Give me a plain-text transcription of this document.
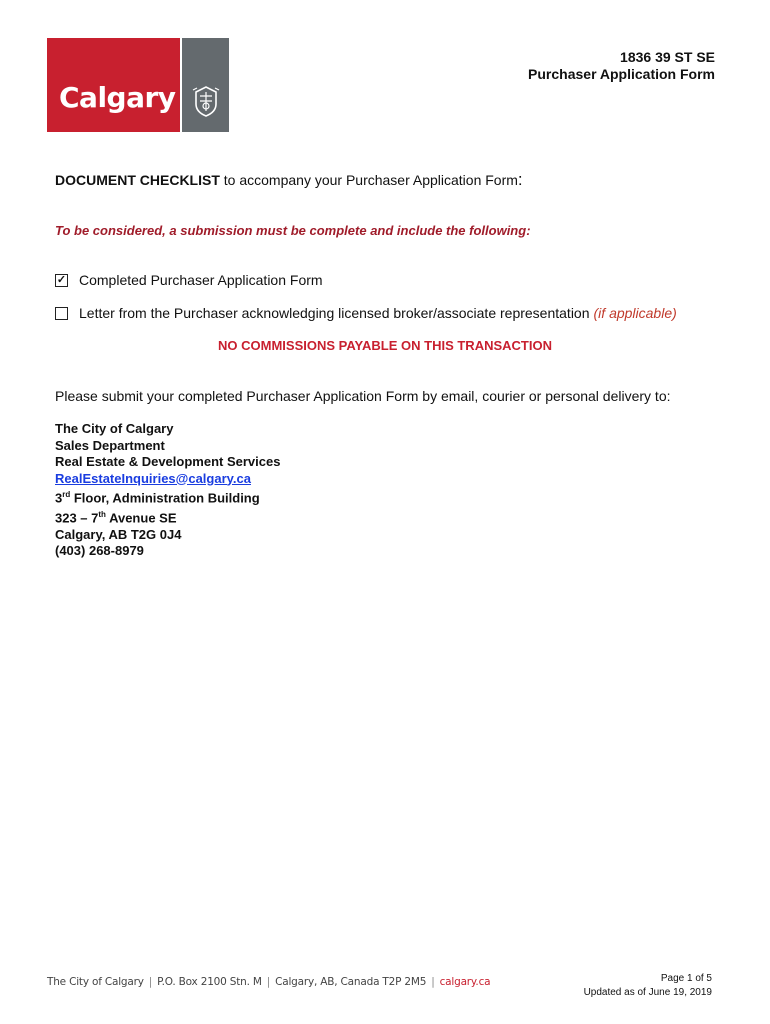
Calgary
1836 39 ST SE
Purchaser Application Form
DOCUMENT CHECKLIST to accompany your Purchaser Application Form:
To be considered, a submission must be complete and include the following:
✓ Completed Purchaser Application Form
Letter from the Purchaser acknowledging licensed broker/associate representation (if applicable)
NO COMMISSIONS PAYABLE ON THIS TRANSACTION
Please submit your completed Purchaser Application Form by email, courier or personal delivery to:
The City of Calgary
Sales Department
Real Estate & Development Services
RealEstateInquiries@calgary.ca
3rd Floor, Administration Building
323 – 7th Avenue SE
Calgary, AB T2G 0J4
(403) 268-8979
The City of Calgary | P.O. Box 2100 Stn. M | Calgary, AB, Canada T2P 2M5 | calgary.ca	Page 1 of 5
Updated as of June 19, 2019
